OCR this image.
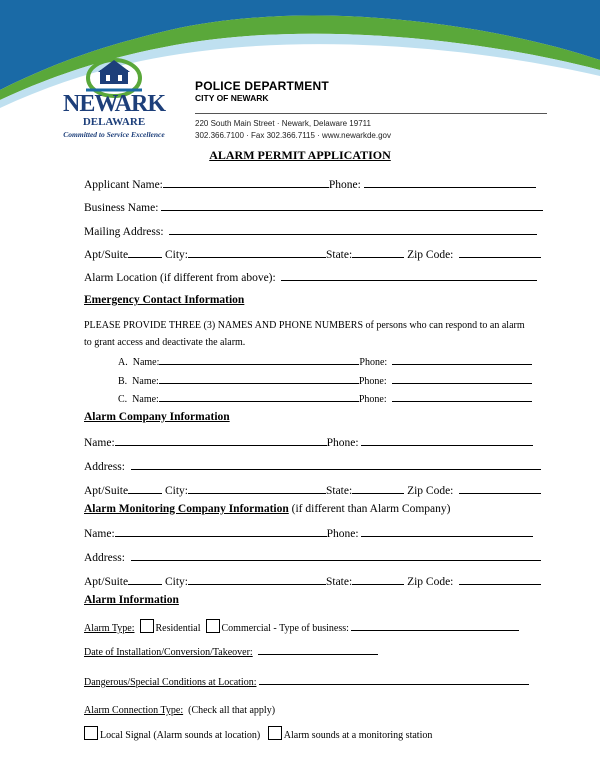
NEWARK
DELAWARE
Committed to Service Excellence
POLICE DEPARTMENT
CITY OF NEWARK
220 South Main Street · Newark, Delaware 19711
302.366.7100 · Fax 302.366.7115 · www.newarkde.gov
ALARM PERMIT APPLICATION
Applicant Name:	Phone:
Business Name:
Mailing Address:
Apt/Suite	City:	State:	Zip Code:
Alarm Location (if different from above):
Emergency Contact Information
PLEASE PROVIDE THREE (3) NAMES AND PHONE NUMBERS of persons who can respond to an alarm
to grant access and deactivate the alarm.
A. Name:	Phone:
B. Name:	Phone:
C. Name:	Phone:
Alarm Company Information
Name:	Phone:
Address:
Apt/Suite	City:	State:	Zip Code:
Alarm Monitoring Company Information (if different than Alarm Company)
Name:	Phone:
Address:
Apt/Suite	City:	State:	Zip Code:
Alarm Information
Alarm Type: Residential Commercial - Type of business:
Date of Installation/Conversion/Takeover:
Dangerous/Special Conditions at Location:
Alarm Connection Type: (Check all that apply)
Local Signal (Alarm sounds at location) Alarm sounds at a monitoring station
